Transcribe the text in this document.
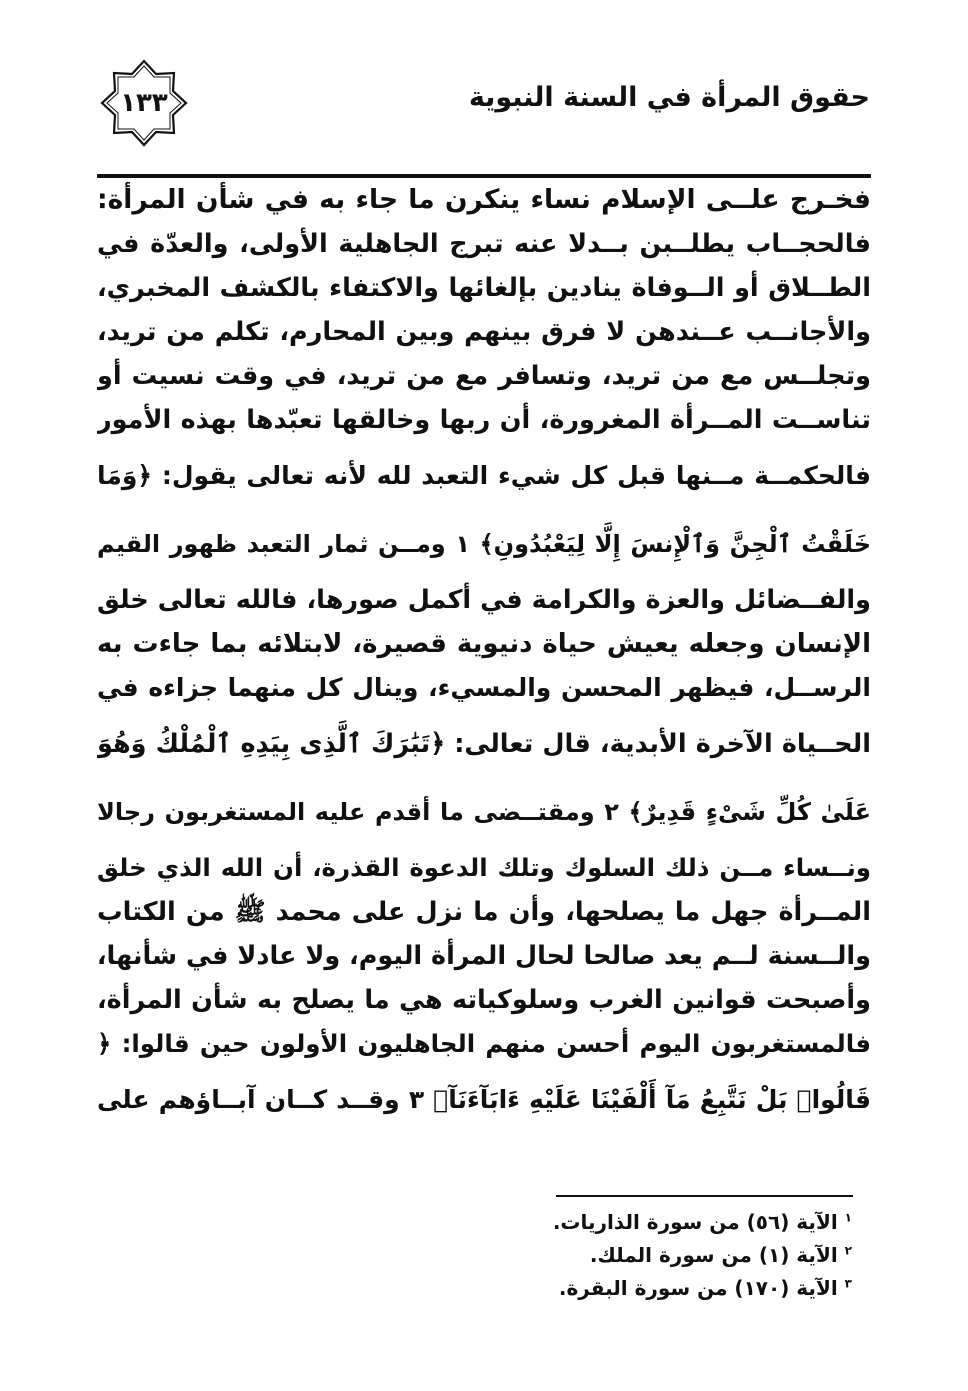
حقوق المرأة في السنة النبوية
١٣٣
فخـرج علــى الإسلام نساء ينكرن ما جاء به في شأن المرأة:
فالحجــاب يطلــبن بــدلا عنه تبرج الجاهلية الأولى، والعدّة في
الطــلاق أو الــوفاة ينادين بإلغائها والاكتفاء بالكشف المخبري،
والأجانــب عــندهن لا فرق بينهم وبين المحارم، تكلم من تريد،
وتجلــس مع من تريد، وتسافر مع من تريد، في وقت نسيت أو
تناســت المــرأة المغرورة، أن ربها وخالقها تعبّدها بهذه الأمور
فالحكمــة مــنها قبل كل شيء التعبد لله لأنه تعالى يقول: ﴿وَمَا
خَلَقْتُ ٱلْجِنَّ وَٱلْإِنسَ إِلَّا لِيَعْبُدُونِ﴾ ١ ومــن ثمار التعبد ظهور القيم
والفــضائل والعزة والكرامة في أكمل صورها، فالله تعالى خلق
الإنسان وجعله يعيش حياة دنيوية قصيرة، لابتلائه بما جاءت به
الرســل، فيظهر المحسن والمسيء، وينال كل منهما جزاءه في
الحــياة الآخرة الأبدية، قال تعالى: ﴿تَبَٰرَكَ ٱلَّذِى بِيَدِهِ ٱلْمُلْكُ وَهُوَ
عَلَىٰ كُلِّ شَىْءٍ قَدِيرٌ﴾ ٢ ومقتــضى ما أقدم عليه المستغربون رجالا
ونــساء مــن ذلك السلوك وتلك الدعوة القذرة، أن الله الذي خلق
المــرأة جهل ما يصلحها، وأن ما نزل على محمد ﷺ من الكتاب
والــسنة لــم يعد صالحا لحال المرأة اليوم، ولا عادلا في شأنها،
وأصبحت قوانين الغرب وسلوكياته هي ما يصلح به شأن المرأة،
فالمستغربون اليوم أحسن منهم الجاهليون الأولون حين قالوا: ﴿
قَالُوا۟ بَلْ نَتَّبِعُ مَآ أَلْفَيْنَا عَلَيْهِ ءَابَآءَنَآ﴾ ٣ وقــد كــان آبــاؤهم على
$^١$ الآية (٥٦) من سورة الذاريات.
$^٢$ الآية (١) من سورة الملك.
$^٣$ الآية (١٧٠) من سورة البقرة.
